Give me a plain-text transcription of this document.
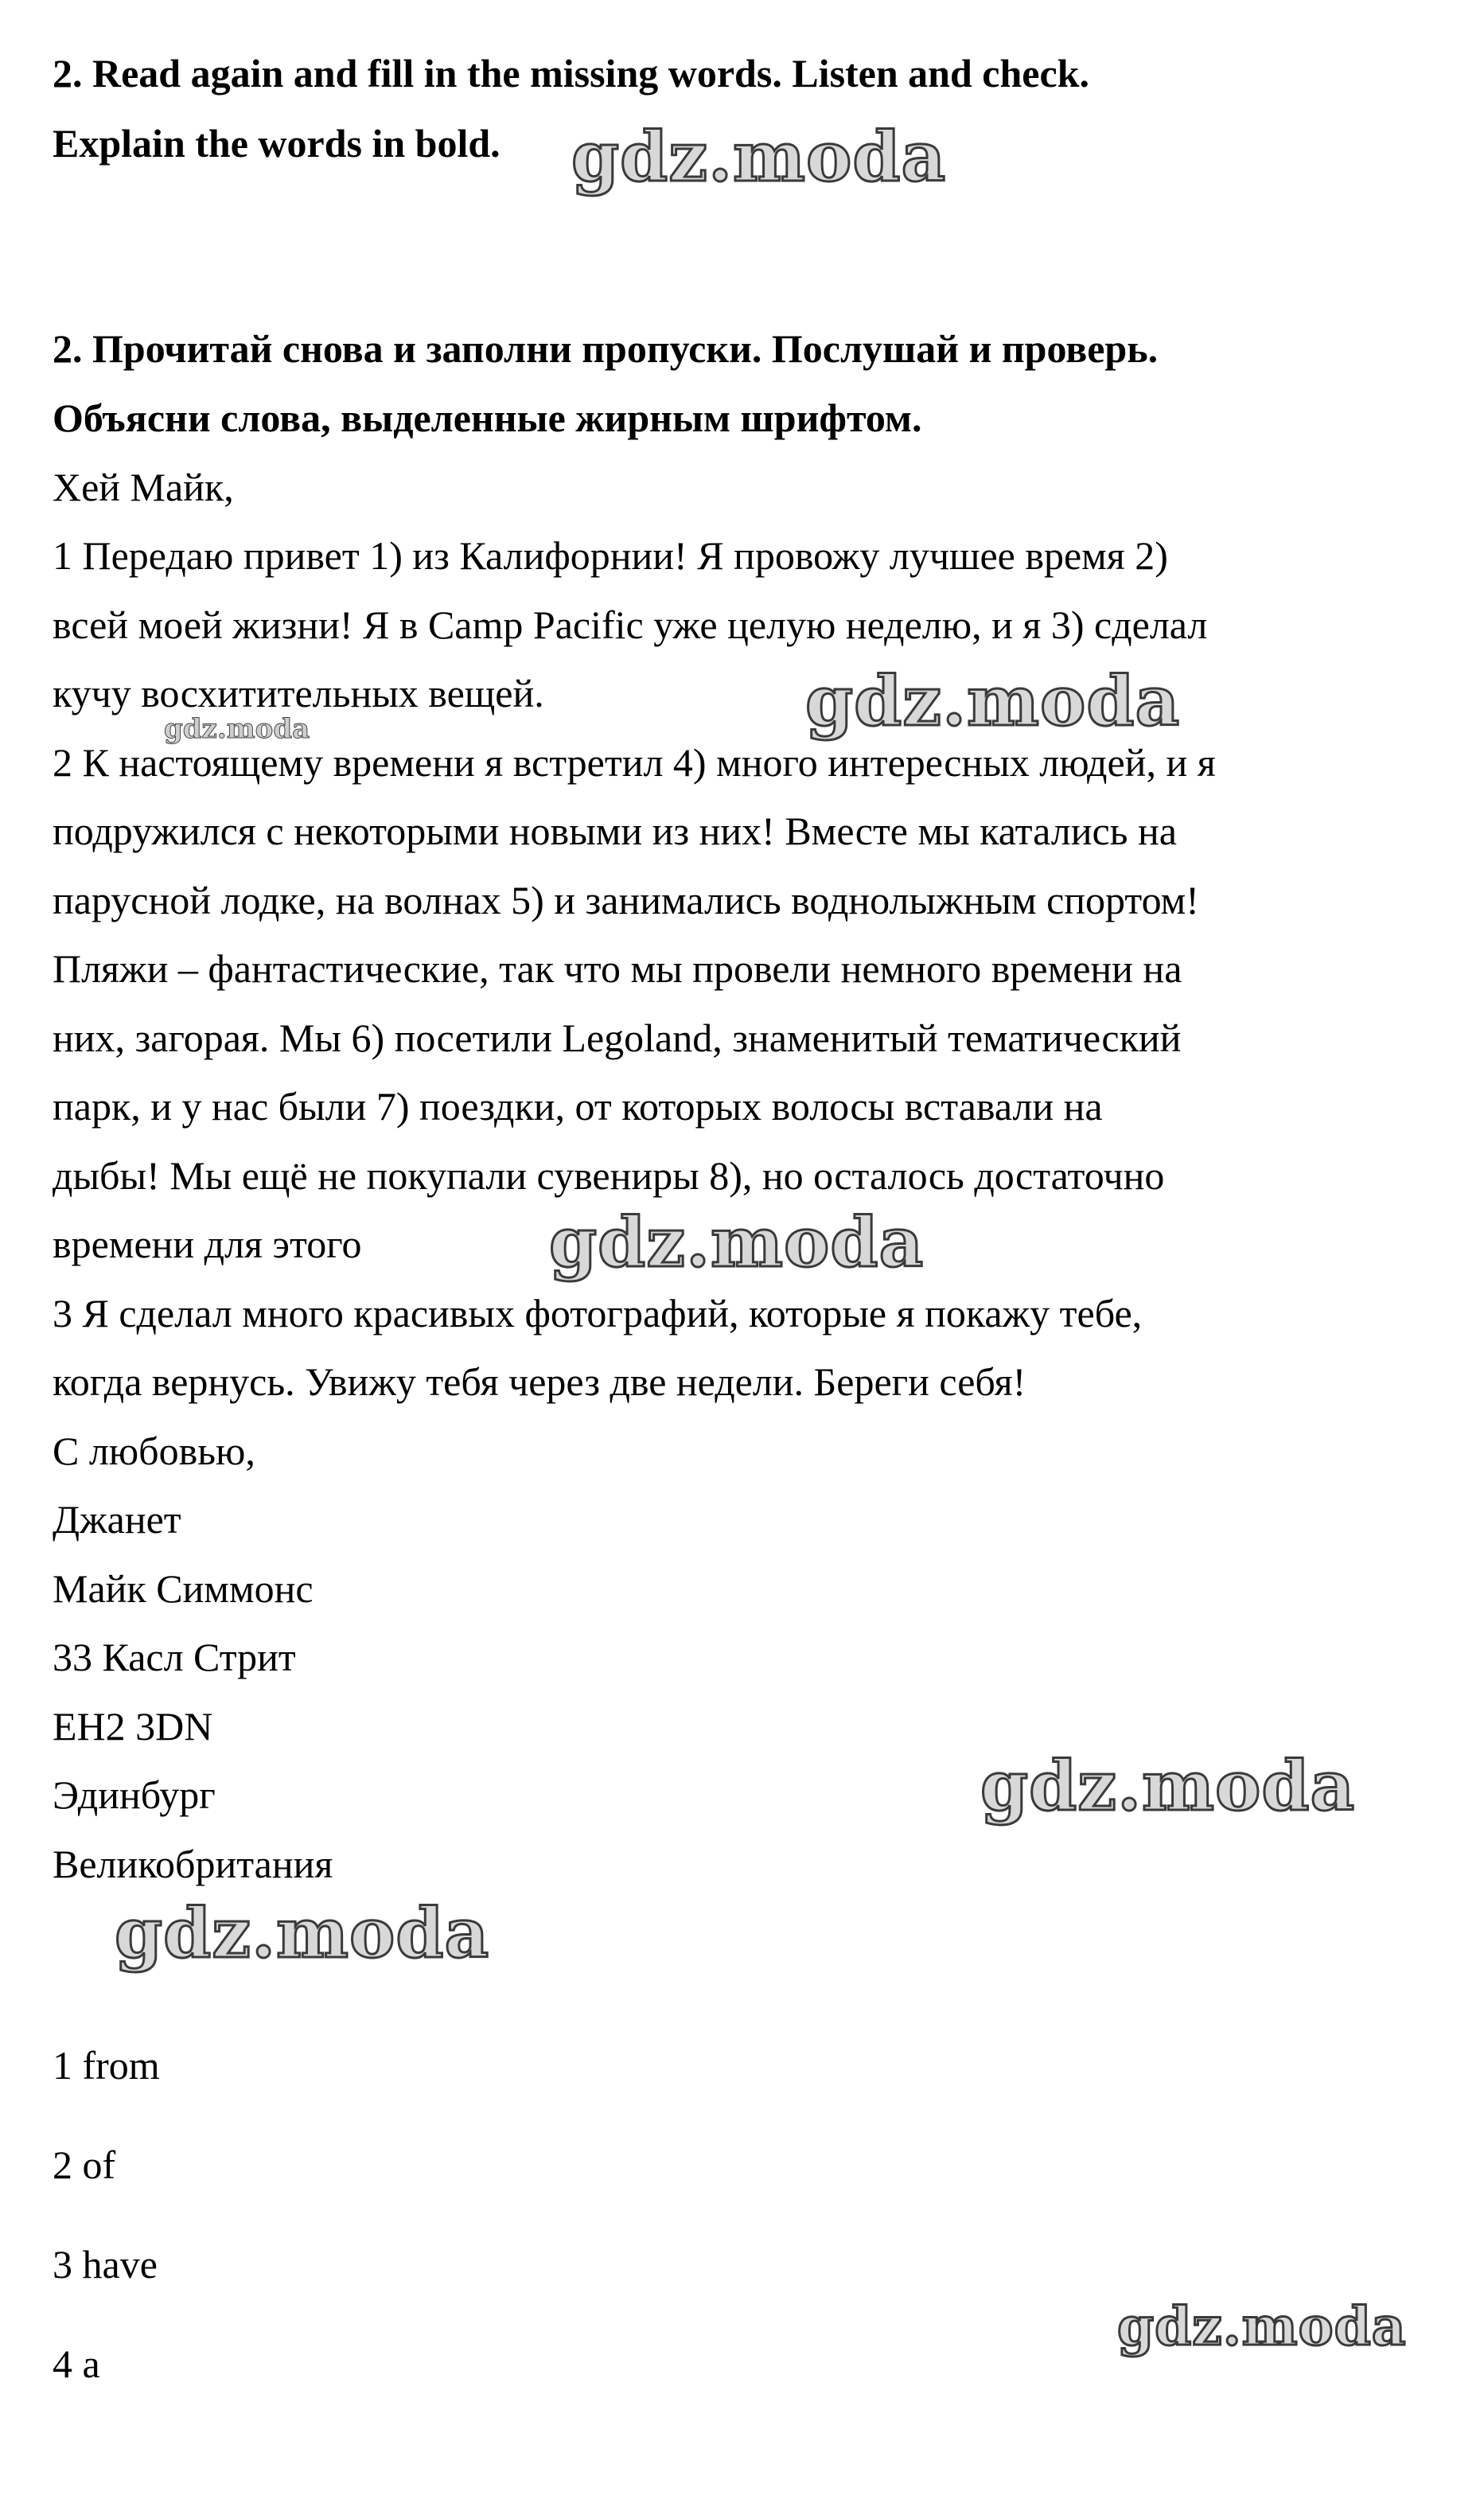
2. Read again and fill in the missing words. Listen and check.
Explain the words in bold.
2. Прочитай снова и заполни пропуски. Послушай и проверь.
Объясни слова, выделенные жирным шрифтом.
Хей Майк,
1 Передаю привет 1) из Калифорнии! Я провожу лучшее время 2)
всей моей жизни! Я в Camp Pacific уже целую неделю, и я 3) сделал
кучу восхитительных вещей.
2 К настоящему времени я встретил 4) много интересных людей, и я
подружился с некоторыми новыми из них! Вместе мы катались на
парусной лодке, на волнах 5) и занимались воднолыжным спортом!
Пляжи – фантастические, так что мы провели немного времени на
них, загорая. Мы 6) посетили Legoland, знаменитый тематический
парк, и у нас были 7) поездки, от которых волосы вставали на
дыбы! Мы ещё не покупали сувениры 8), но осталось достаточно
времени для этого
3 Я сделал много красивых фотографий, которые я покажу тебе,
когда вернусь. Увижу тебя через две недели. Береги себя!
С любовью,
Джанет
Майк Симмонс
33 Касл Стрит
EH2 3DN
Эдинбург
Великобритания
1 from
2 of
3 have
4 a
gdz.moda
gdz.moda
gdz.moda
gdz.moda
gdz.moda
gdz.moda
gdz.moda
